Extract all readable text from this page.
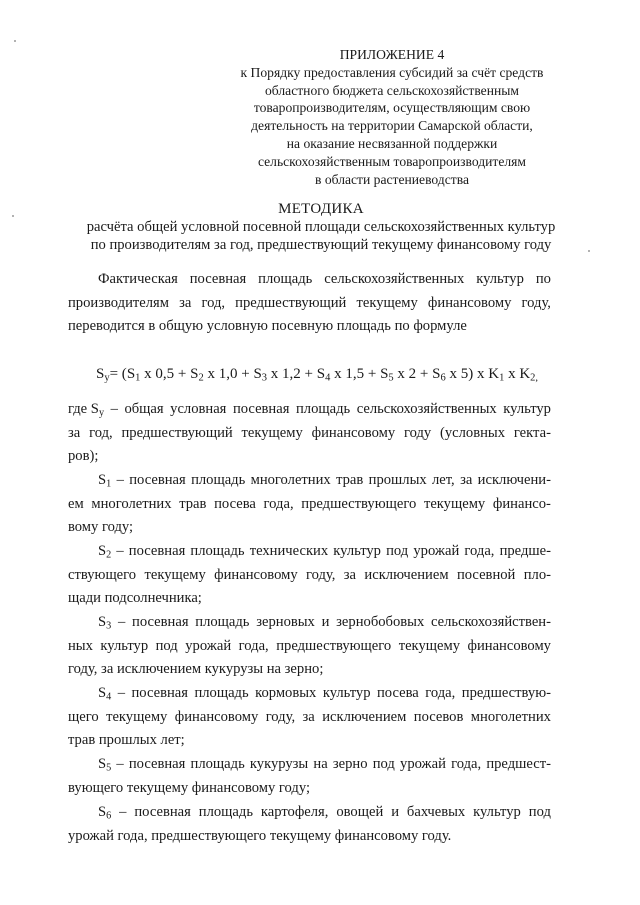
ПРИЛОЖЕНИЕ 4
к Порядку предоставления субсидий за счёт средств
областного бюджета сельскохозяйственным
товаропроизводителям, осуществляющим свою
деятельность на территории Самарской области,
на оказание несвязанной поддержки
сельскохозяйственным товаропроизводителям
в области растениеводства
МЕТОДИКА
расчёта общей условной посевной площади сельскохозяйственных культур
по производителям за год, предшествующий текущему финансовому году
Фактическая посевная площадь сельскохозяйственных культур по
производителям за год, предшествующий текущему финансовому году,
переводится в общую условную посевную площадь по формуле
$S_у= (S_1$ x $0,5 + S_2$ x $1,0 + S_3$ x $1,2 + S_4$ x $1,5 + S_5$ x $2 + S_6$ x 5) x $K_1$ x $K_{2,}$
где $S_у$ – общая условная посевная площадь сельскохозяйственных культур
за год, предшествующий текущему финансовому году (условных гекта-
ров);
$S_1$ – посевная площадь многолетних трав прошлых лет, за исключени-
ем многолетних трав посева года, предшествующего текущему финансо-
вому году;
$S_2$ – посевная площадь технических культур под урожай года, предше-
ствующего текущему финансовому году, за исключением посевной пло-
щади подсолнечника;
$S_3$ – посевная площадь зерновых и зернобобовых сельскохозяйствен-
ных культур под урожай года, предшествующего текущему финансовому
году, за исключением кукурузы на зерно;
$S_4$ – посевная площадь кормовых культур посева года, предшествую-
щего текущему финансовому году, за исключением посевов многолетних
трав прошлых лет;
$S_5$ – посевная площадь кукурузы на зерно под урожай года, предшест-
вующего текущему финансовому году;
$S_6$ – посевная площадь картофеля, овощей и бахчевых культур под
урожай года, предшествующего текущему финансовому году.
